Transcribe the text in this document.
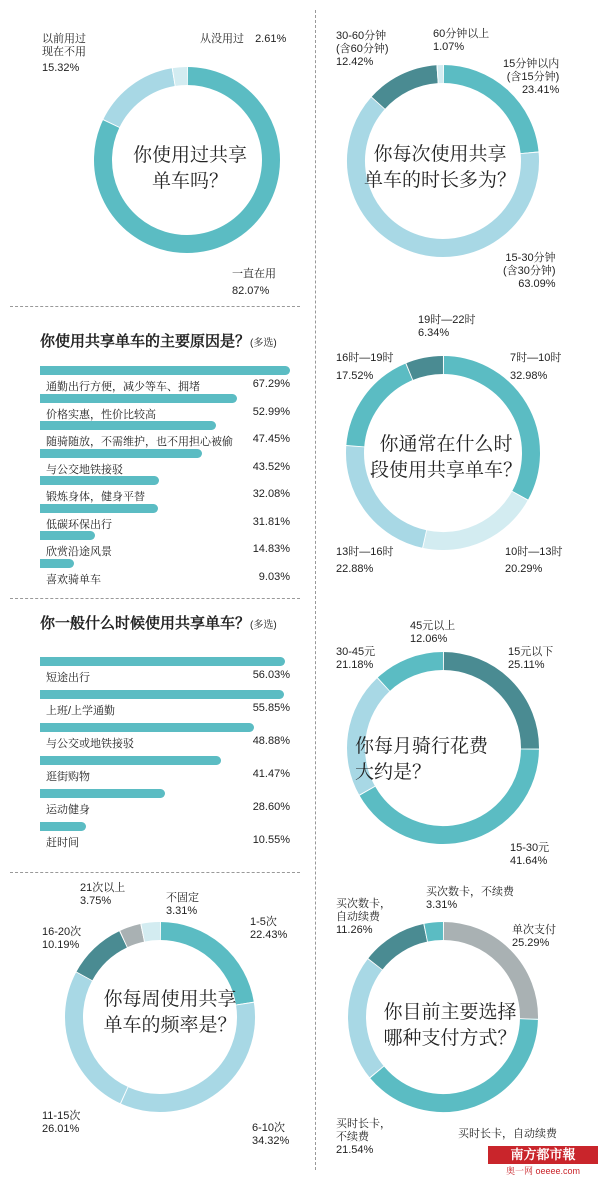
你使用过共享
单车吗？
从没用过 2.61%
以前用过
现在不用
15.32%
一直在用
82.07%
你每次使用共享
单车的时长多为？
30-60分钟
(含60分钟)
12.42%
60分钟以上
1.07%
15分钟以内
(含15分钟)
23.41%
15-30分钟
(含30分钟)
63.09%
你使用共享单车的主要原因是？(多选)
通勤出行方便，减少等车、拥堵	67.29%
价格实惠，性价比较高	52.99%
随骑随放，不需维护，也不用担心被偷 47.45%
与公交地铁接驳	43.52%
锻炼身体，健身平替	32.08%
低碳环保出行	31.81%
欣赏沿途风景	14.83%
喜欢骑单车	9.03%
你通常在什么时
段使用共享单车？
19时—22时
6.34%
16时—19时
17.52%
7时—10时
32.98%
13时—16时
22.88%
10时—13时
20.29%
你一般什么时候使用共享单车？(多选)
短途出行	56.03%
上班/上学通勤	55.85%
与公交或地铁接驳	48.88%
逛街购物	41.47%
运动健身	28.60%
赶时间	10.55%
你每月骑行花费
大约是？
45元以上
12.06%
30-45元
21.18%
15元以下
25.11%
15-30元
41.64%
你每周使用共享
单车的频率是？
21次以上
3.75%	不固定
3.31%
16-20次
10.19%
1-5次
22.43%
11-15次
26.01%	6-10次
34.32%
你目前主要选择
哪种支付方式？
买次数卡，不续费
3.31%
买次数卡，
自动续费
11.26%	单次支付
25.29%
买时长卡，
不续费
21.54%
买时长卡，自动续费
南方都市報
奥一网 oeeee.com
